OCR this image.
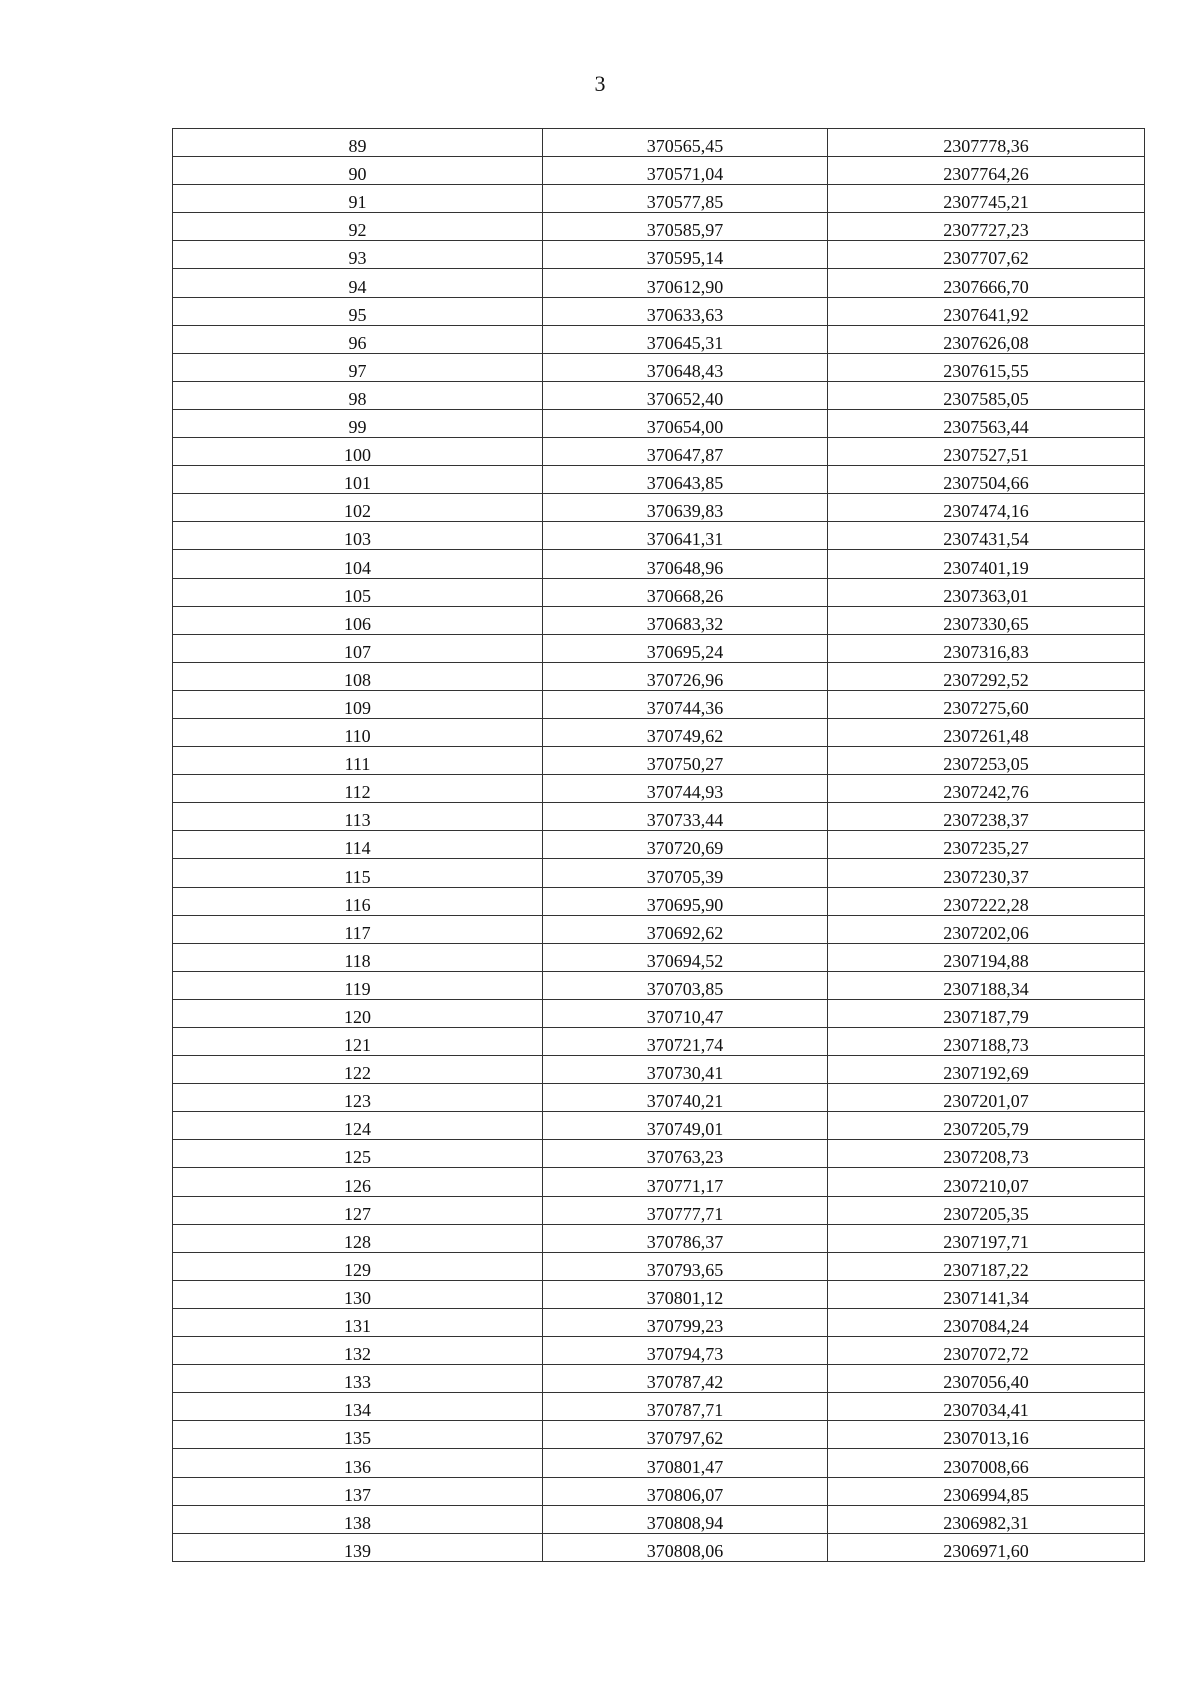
3
89	370565,45	2307778,36
90	370571,04	2307764,26
91	370577,85	2307745,21
92	370585,97	2307727,23
93	370595,14	2307707,62
94	370612,90	2307666,70
95	370633,63	2307641,92
96	370645,31	2307626,08
97	370648,43	2307615,55
98	370652,40	2307585,05
99	370654,00	2307563,44
100	370647,87	2307527,51
101	370643,85	2307504,66
102	370639,83	2307474,16
103	370641,31	2307431,54
104	370648,96	2307401,19
105	370668,26	2307363,01
106	370683,32	2307330,65
107	370695,24	2307316,83
108	370726,96	2307292,52
109	370744,36	2307275,60
110	370749,62	2307261,48
111	370750,27	2307253,05
112	370744,93	2307242,76
113	370733,44	2307238,37
114	370720,69	2307235,27
115	370705,39	2307230,37
116	370695,90	2307222,28
117	370692,62	2307202,06
118	370694,52	2307194,88
119	370703,85	2307188,34
120	370710,47	2307187,79
121	370721,74	2307188,73
122	370730,41	2307192,69
123	370740,21	2307201,07
124	370749,01	2307205,79
125	370763,23	2307208,73
126	370771,17	2307210,07
127	370777,71	2307205,35
128	370786,37	2307197,71
129	370793,65	2307187,22
130	370801,12	2307141,34
131	370799,23	2307084,24
132	370794,73	2307072,72
133	370787,42	2307056,40
134	370787,71	2307034,41
135	370797,62	2307013,16
136	370801,47	2307008,66
137	370806,07	2306994,85
138	370808,94	2306982,31
139	370808,06	2306971,60
